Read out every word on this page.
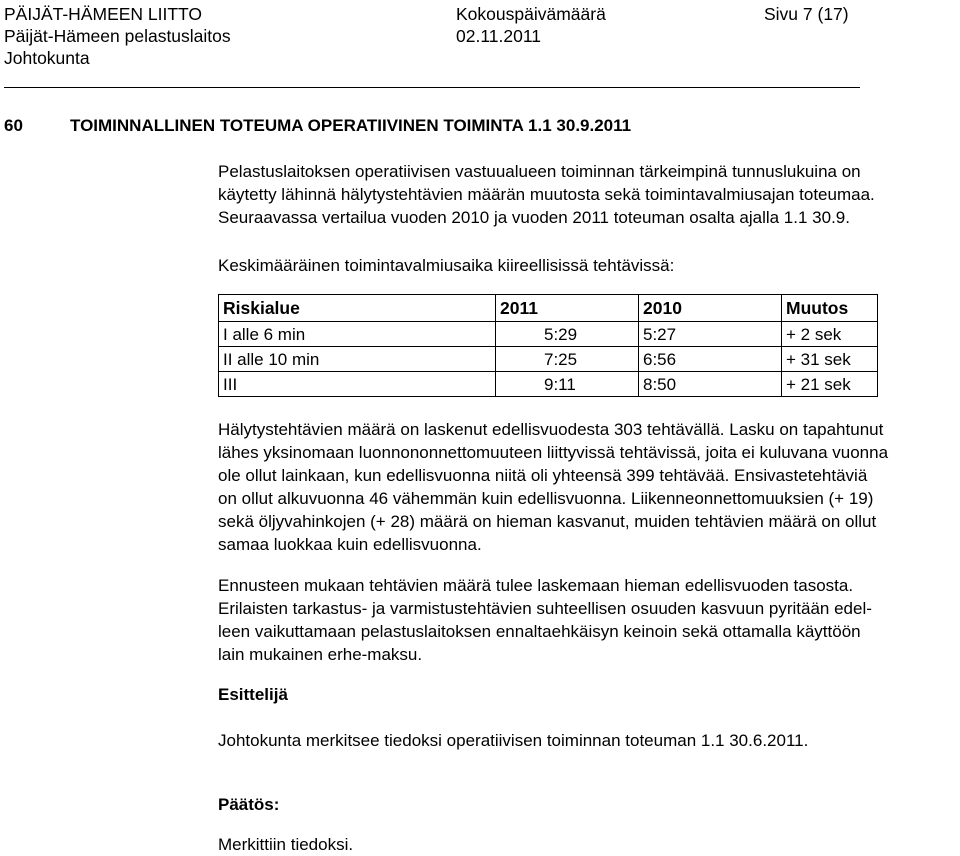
PÄIJÄT-HÄMEEN LIITTO
Päijät-Hämeen pelastuslaitos
Johtokunta
Kokouspäivämäärä
02.11.2011
Sivu 7 (17)
60	TOIMINNALLINEN TOTEUMA OPERATIIVINEN TOIMINTA 1.1 30.9.2011
Pelastuslaitoksen operatiivisen vastuualueen toiminnan tärkeimpinä tunnuslukuina on
käytetty lähinnä hälytystehtävien määrän muutosta sekä toimintavalmiusajan toteumaa.
Seuraavassa vertailua vuoden 2010 ja vuoden 2011 toteuman osalta ajalla 1.1 30.9.
Keskimääräinen toimintavalmiusaika kiireellisissä tehtävissä:
Riskialue	2011	2010	Muutos
I alle 6 min	5:29	5:27	+ 2 sek
II alle 10 min	7:25	6:56	+ 31 sek
III	9:11	8:50	+ 21 sek
Hälytystehtävien määrä on laskenut edellisvuodesta 303 tehtävällä. Lasku on tapahtunut
lähes yksinomaan luonnononnettomuuteen liittyvissä tehtävissä, joita ei kuluvana vuonna
ole ollut lainkaan, kun edellisvuonna niitä oli yhteensä 399 tehtävää. Ensivastetehtäviä
on ollut alkuvuonna 46 vähemmän kuin edellisvuonna. Liikenneonnettomuuksien (+ 19)
sekä öljyvahinkojen (+ 28) määrä on hieman kasvanut, muiden tehtävien määrä on ollut
samaa luokkaa kuin edellisvuonna.
Ennusteen mukaan tehtävien määrä tulee laskemaan hieman edellisvuoden tasosta.
Erilaisten tarkastus- ja varmistustehtävien suhteellisen osuuden kasvuun pyritään edel-
leen vaikuttamaan pelastuslaitoksen ennaltaehkäisyn keinoin sekä ottamalla käyttöön
lain mukainen erhe-maksu.
Esittelijä
Johtokunta merkitsee tiedoksi operatiivisen toiminnan toteuman 1.1 30.6.2011.
Päätös:
Merkittiin tiedoksi.
